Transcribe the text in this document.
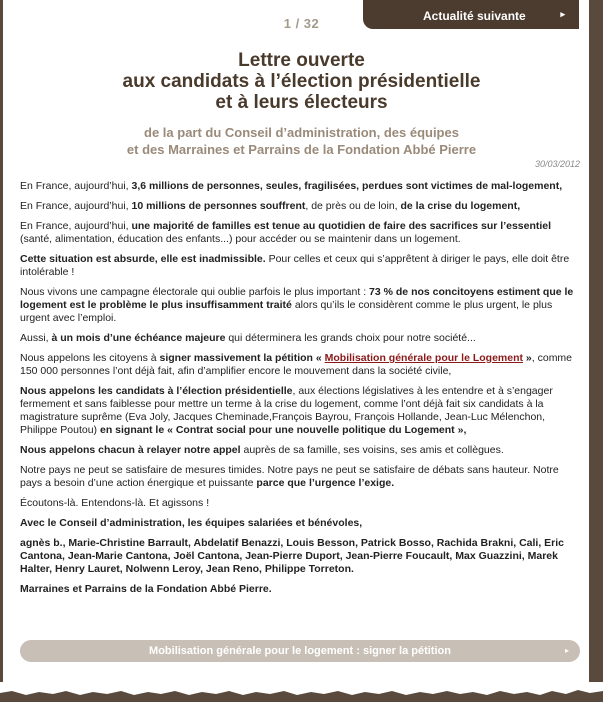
1 / 32	Actualité suivante	▸
Lettre ouverte
aux candidats à l’élection présidentielle
et à leurs électeurs
de la part du Conseil d’administration, des équipes
et des Marraines et Parrains de la Fondation Abbé Pierre
30/03/2012

En France, aujourd’hui, 3,6 millions de personnes, seules, fragilisées, perdues sont victimes de mal-logement,

En France, aujourd’hui, 10 millions de personnes souffrent, de près ou de loin, de la crise du logement,

En France, aujourd’hui, une majorité de familles est tenue au quotidien de faire des sacrifices sur l’essentiel (santé, alimentation, éducation des enfants...) pour accéder ou se maintenir dans un logement.

Cette situation est absurde, elle est inadmissible. Pour celles et ceux qui s’apprêtent à diriger le pays, elle doit être intolérable !

Nous vivons une campagne électorale qui oublie parfois le plus important : 73 % de nos concitoyens estiment que le logement est le problème le plus insuffisamment traité alors qu’ils le considèrent comme le plus urgent, le plus urgent avec l’emploi.

Aussi, à un mois d’une échéance majeure qui déterminera les grands choix pour notre société...

Nous appelons les citoyens à signer massivement la pétition « Mobilisation générale pour le Logement », comme 150 000 personnes l’ont déjà fait, afin d’amplifier encore le mouvement dans la société civile,

Nous appelons les candidats à l’élection présidentielle, aux élections législatives à les entendre et à s’engager fermement et sans faiblesse pour mettre un terme à la crise du logement, comme l’ont déjà fait six candidats à la magistrature suprême (Eva Joly, Jacques Cheminade,François Bayrou, François Hollande, Jean-Luc Mélenchon, Philippe Poutou) en signant le « Contrat social pour une nouvelle politique du Logement »,

Nous appelons chacun à relayer notre appel auprès de sa famille, ses voisins, ses amis et collègues.

Notre pays ne peut se satisfaire de mesures timides. Notre pays ne peut se satisfaire de débats sans hauteur. Notre pays a besoin d’une action énergique et puissante parce que l’urgence l’exige.

Écoutons-là. Entendons-là. Et agissons !

Avec le Conseil d’administration, les équipes salariées et bénévoles,

agnès b., Marie-Christine Barrault, Abdelatif Benazzi, Louis Besson, Patrick Bosso, Rachida Brakni, Cali, Eric Cantona, Jean-Marie Cantona, Joël Cantona, Jean-Pierre Duport, Jean-Pierre Foucault, Max Guazzini, Marek Halter, Henry Lauret, Nolwenn Leroy, Jean Reno, Philippe Torreton.

Marraines et Parrains de la Fondation Abbé Pierre.

Mobilisation générale pour le logement : signer la pétition	▸
